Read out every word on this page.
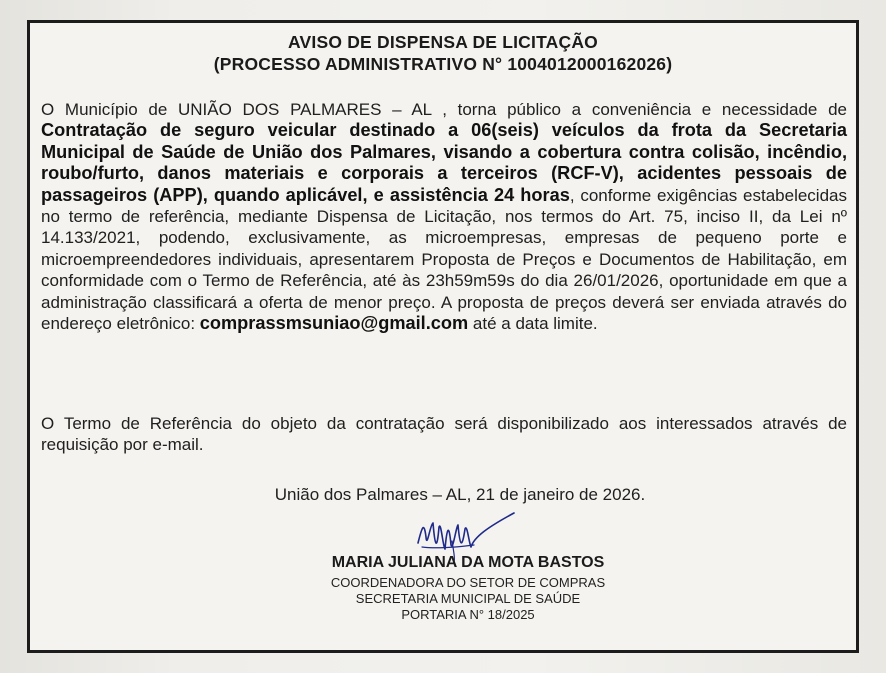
AVISO DE DISPENSA DE LICITAÇÃO
(PROCESSO ADMINISTRATIVO N° 1004012000162026)
O Município de UNIÃO DOS PALMARES – AL , torna público a conveniência e necessidade de Contratação de seguro veicular destinado a 06(seis) veículos da frota da Secretaria Municipal de Saúde de União dos Palmares, visando a cobertura contra colisão, incêndio, roubo/furto, danos materiais e corporais a terceiros (RCF-V), acidentes pessoais de passageiros (APP), quando aplicável, e assistência 24 horas, conforme exigências estabelecidas no termo de referência, mediante Dispensa de Licitação, nos termos do Art. 75, inciso II, da Lei nº 14.133/2021, podendo, exclusivamente, as microempresas, empresas de pequeno porte e microempreendedores individuais, apresentarem Proposta de Preços e Documentos de Habilitação, em conformidade com o Termo de Referência, até às 23h59m59s do dia 26/01/2026, oportunidade em que a administração classificará a oferta de menor preço. A proposta de preços deverá ser enviada através do endereço eletrônico: comprassmsuniao@gmail.com até a data limite.
O Termo de Referência do objeto da contratação será disponibilizado aos interessados através de requisição por e-mail.
União dos Palmares – AL, 21 de janeiro de 2026.
MARIA JULIANA DA MOTA BASTOS
COORDENADORA DO SETOR DE COMPRAS
SECRETARIA MUNICIPAL DE SAÚDE
PORTARIA N° 18/2025
